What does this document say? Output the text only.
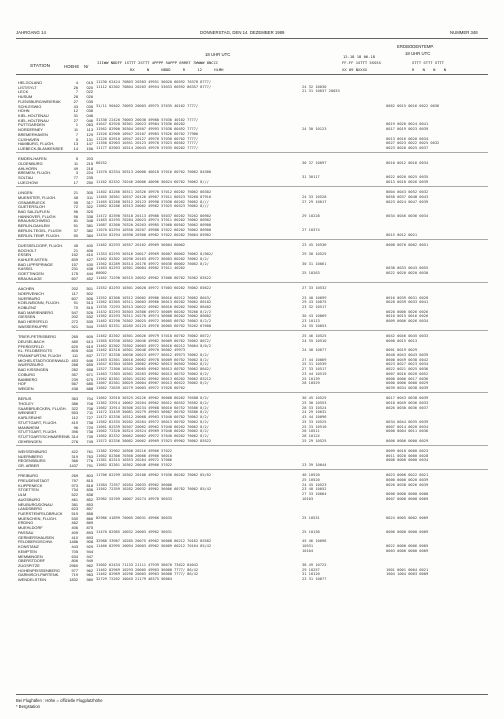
JAHRGANG 14	DONNERSTAG, DEN 14. DEZEMBER 1989	NUMMER 348
18 UHR UTC
ERDBODENTEMP.
18 UHR UTC
STATION	HOEHE Nr
IIIWW NDDFF 1STTT 2STTT 4PPPP 5APPP 6RRRT 7WWWW 8NCCC
RX N NDDD R 12 HLMH
12-18 18 06-18
FF-FF 1STTT 5SSSS
XX 09 NXXXX
STTT STTT STTT
R N N N
HELGOLAND	4	015 11230 62424 70803 20303 49951 56020 60592 76378 8777/
LIST/SYLT	26	020 11112 82302 70804 20203 49954 53033 60592 86357 8777/	24 32 10030
LECK	7	022	21 31 10037 20033
HUSUM	28	026
FLENSBURG/WEIERAK	27	035
SCHLESWIG	43	035 31/11 90402 70093 20003 49975 57035 40102 7777/	0062 0015 0016 0022 0036
HOHN	12	036
KIEL-HOLTENAU	31	046
KIEL-HOLTENAU	27	046 31330 22420 70003 20030 49980 57030 40102 7777/
PUTTGARDEN	1	063 41647 82920 30301 20023 49984 57036 60202	0019 0020 0024 0041
NORDERNEY	11	113 11562 82900 30304 20507 49993 57038 60492 7777/	24 30 10123	0017 0019 0023 0039
BREMERHAVEN	7	129 11526 82900 10947 20107 49983 57026 60702 77986
CUXHAVEN	5	131 11226 82910 10947 20127 49976 57030 60702 7777/	0013 0016 0020 0034
HAMBURG, FLUGH.	13	147 11350 82903 10351 20123 49978 57023 60562 7777/	0027 0023 0022 0025 0032
LUEBECK-BLANKENSEE	14	156 11177 82903 10314 20043 49970 57035 60202 7777/	0023 0020 0025 0037
EMDEN-HAFEN	5	203
OLDENBURG	11	215 60252	30 37 10097	0010 0012 0016 0034
AHLHORN	49	218
BREMEN, FLUGH.	3	224 11570 82334 30313 20000 40018 57016 60702 76062 84300
SOLTAU	77	235	31 30117	0022 0020 0025 0035
LUECHOW	17	250 11162 82332 70246 20006 40096 56024 60702 76062 8///	0013 0018 0026 0039
LINGEN	21	305 11402 82286 30311 20326 49970 57012 60202 76062 86302	0004 0043 0052 0032
MUENSTER, FLUGH.	48	311 11465 30301 10537 20126 49967 57011 60523 76260 87910	24 33 10528	0058 0037 0048 0043
OSNABRUECK	95	317 11465 82288 30312 20123 49998 57030 60202 76062 8///	27 29 10017	0023 0024 0047 0039
GUETERSLOH	72	322 11662 82286 10313 20002 49982 57025 60523 76062 8///
BAD SALZUFLEN	96	325
HANNOVER, FLUGH.	56	338 11472 82390 70310 20113 49986 55037 60202 76262 86902	29 10228	0034 0046 0036 0034
BRAUNSCHWEIG	81	348 11463 82295 70284 20023 49974 57011 60202 76062 86902
BERLIN-DAHLEM	51	381 11687 82300 70320 20263 49985 57060 60502 76062 86900
BERLIN-TEGEL, FLUGH	37	382 11670 82294 10350 20207 49988 57022 60202 76062 86900	27 10374
BERLIN-TEMP. FLUGH.	50	384 11434 82294 10390 20300 49982 57022 60202 76064 85902	0015 0012 0021
DUESSELDORF, FLUGH.	45	400 11462 82293 10357 20162 49969 56004 60002	23 45 10536	0008 0070 0062 0051
BOCHOLT	21	406
ESSEN	152	410 11353 82295 30316 20017 49969 56007 60002 76062 8/002/	29 30 10525
KAHLER ASTEN	839	427 11462 82302 10290 20163 49972 56003 60202 76062 8/2/
BAD LIPPSPRINGE	157	430 11562 82289 30314 20176 49972 56030 60002 76062 8/2/	30 31 10061
KASSEL	231	438 11463 82293 10301 20004 49982 57011 40202	0038 0033 0043 0055
GOETTINGEN	175	444 60002	25 10263	0022 0020 0020 0030
BRAUNLAGE	607	452 11462 72290 30315 20052 49962 57006 60702 76362 85522
AACHEN	202	501 11552 82293 10301 20020 49972 57003 60202 76062 85622	27 33 10532
NOERVENICH	117	502
NUERBURG	607	506 11552 82300 10312 20002 49986 56016 60212 76062 8643/	23 40 10099	0016 0039 0031 0028
KOELN/BONN, FLUGH.	91	513 11562 82305 10311 20003 49966 56013 60202 76062 86102	29 43 10075	0028 0039 0033 0041
KOBLENZ	70	515 11535 72293 30313 20022 49962 56010 60202 76062 86402	23 32 10517
BAD MARIENBERG	547	526 11432 82293 30303 20306 49972 56009 60202 76266 8/2/2	0020 0000 0026 0026
GIESSEN	202	532 11562 82293 70311 20276 49974 56008 60202 76062 86002	30 43 10069	0010 0015 0016 0026
BAD HERSFELD	272	535 11462 82290 70302 20025 49972 56005 60702 76062 8/2/2	23 10113	0009 0000 0026 0034
WASSERKUPPE	921	544 11463 82331 10285 20125 49976 56005 60702 76262 87600	24 35 10053
TRIER-PETRISBERG	265	609 11462 82302 10301 20026 49979 57010 60702 76062 8672/	25 46 10525	0042 0046 0045 0033
DEUSELBACH	480	613 11565 82936 10362 20046 49962 56009 60762 76062 8672/	24 35 10510	0000 0015 0013
PFERDSFELD	620	619 11462 82302 70302 20003 49972 56010 60212 76064 8/0/2
KL. FELDBERG/TS	805	630 11462 82310 10301 20046 49970 56002 49973	24 40 10077	0001 0019 0029
FRANKFURT/M, FLUGH	111	637 11727 82330 10036 20023 49977 56012 49973 76062 8/2/	0048 0043 0043 0039
MICHELSTADT/ODENWALD 453	646 11463 82301 10016 20062 49978 56009 60702 76062 8/2/	27 44 10069	0000 0049 0038 0042
WUERZBURG	268	655 11647 82304 10305 20062 49962 56013 60502 76062 8/2/	25 31 10539	0023 0027 0023 0034
BAD KISSINGEN	282	658 11527 72300 10342 20065 49962 56013 60702 76062 8642/	27 33 10517	0022 0021 0025 0036
COBURG	357	671 11463 72303 10301 20263 49962 56013 60752 76062 8/2/	23 44 10519	0007 0016 0020 0052
BAMBERG	239	675 11562 82301 10301 20262 49962 56013 60202 76062 85212	25 10139	0000 0006 0017 0036
HOF	567	685 11667 82301 30029 20004 49967 56013 60522 76062 8/2/	28 10529	0000 0000 0000 0029
WEIDEN	438	688 11662 72639 10279 20003 49972 57028 60702	0039 0034 0038 0039
BERUS	363	704 11662 32910 30325 20226 49962 56008 60202 76588 8/2/	30 45 10525	0017 0043 0038 0039
THOLEY	386	708 11362 32914 10062 20264 49962 56012 60552 76582 8/2/	25 30 10553	0018 0049 0036 0033
SAARBRUECKEN, FLUGH.	322	708 11662 32914 30306 20234 49968 56010 60752 76586 8/2/	28 33 10524	0026 0030 0036 0037
WEINBIET	553	711 11472 32439 30081 20279 49963 56007 60702 76586 8/2/	24 29 10032
KARLSRUHE	112	727 11472 82330 10312 20068 49963 57040 60702 76062 8/2/	43 44 10096
STUTTGART, FLUGH.	419	738 11562 82335 30282 20264 49972 56013 60702 76062 8/2/	25 33 10525	0034 0044 0035 0039
MANNHEIM	96	729 11661 82339 30307 20062 49962 57040 60202 76062 8/2/	25 33 10510	0007 0014 0020 0034
STUTTGART, FLUGH.	396	738 11662 72320 30324 20324 49969 57040 60202 76062 8/2/	28 10511	0000 0004 0011 0036
STUTTGART/SCHNARRENB 314	739 11662 82332 30062 20062 49972 57040 60202 76062 8/2/	28 10124
OEHRINGEN	276	745 11572 82336 30082 20062 49969 57023 69902 76062 85522	25 29 10525	0000 0000 0000 0029
WEISSENBURG	422	761 11382 32902 10308 20216 49966 57022	0009 0010 0000 0023
NUERNBERG	319	763 11662 82300 70360 20006 49966 56010	0011 0028 0000 0028
REGENSBURG	366	776 11361 82315 10353 20264 49972 57006	0008 0000 0000 0034
GR. ARBER	1437	791 11662 82301 10362 20046 49966 57022	23 39 10044
FREIBURG	269	803 11706 82299 10302 20106 49962 57030 60202 76062 85/02	40 10520	0023 0000 0022 0021
FREUDENSTADT	797	815	25 10520	0000 0000 0020 0039
KLIPPENECK	973	818 11584 72357 10284 20033 49962 56006	24 45 10523	0026 0038 0026 0039
STOETTEN	734	836 11562 72359 10282 20032 49962 56006 60702 76062 85/42	23 40 10052
ULM	522	838	27 33 10064	0000 0000 0000 0008
AUGSBURG	461	852 32982 55709 10007 20274 49978 56033	10103	0007 0000 0000 0009
NEUBURG/DONAU	381	853
LANDSBERG	623	857
FUERSTENFELDBRUCK	519	858
MUENCHEN, FLUGH.	530	866 82986 41899 70005 20031 49966 56035	25 10531	0024 0005 0002 0009
ERDING	462	869
MUEHLDORF	406	875
PASSAU	409	893 11470 82985 10032 20003 49962 56031	25 10130	0006 0000 0000 0009
GERMERSHAUSEN	410	893
FELDBERG/SCHW.	1486	908 32988 33987 10285 20075 49962 56008 60212 70162 85582	45 46 10096
KONSTANZ	443	929 11466 82995 10094 20003 49962 56009 60212 70164 85/42	10531	0022 0000 0006 0005
KEMPTEN	705	944	10104	0003 0000 0000 0009
MEMMINGEN	634	947
OBERSTDORF	806	949
ZUGSPITZE	2960	962 31602 62434 71133 21111 47939 58070 73622 84042	38 49 10722
HOHENPEISSENBERG	977	962 11462 82969 10293 20005 49963 56008 7777/ 86/42	29 10257	1001 0001 0004 0021
GARMISCH-PARTENK.	719	963 11462 82969 10296 20003 49963 56008 7777/ 86/42	31 10120	1004 1004 0003 0009
WENDELSTEIN	1832	980 32729 72202 10045 21179 46375 56004	23 31 10077
Bei Flughäfen : Höhe = offizielle Flugplatzhöhe
* Bergstation
